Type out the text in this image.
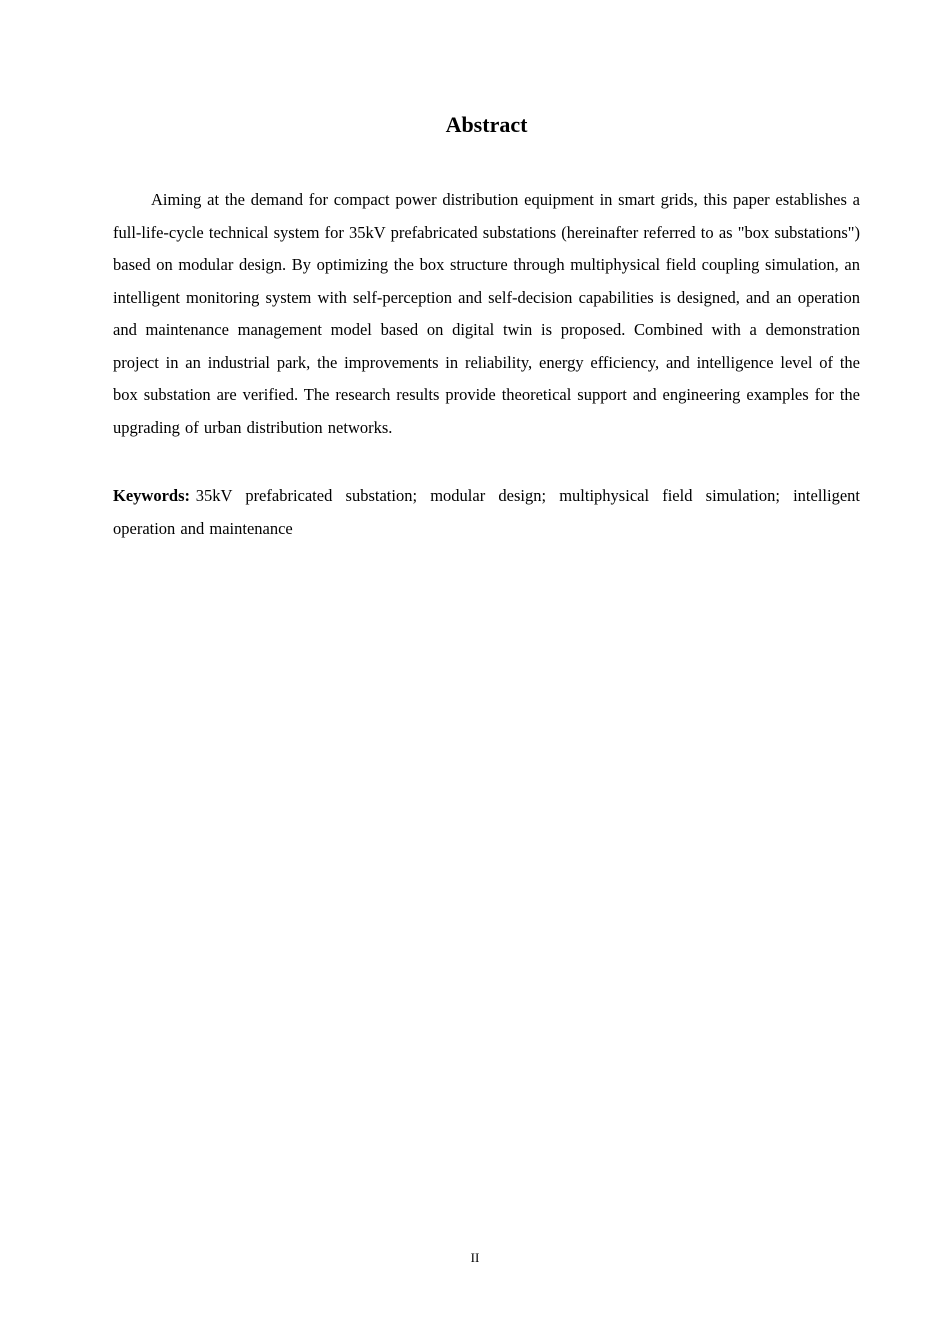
Abstract

Aiming at the demand for compact power distribution equipment in smart grids, this paper establishes a full-life-cycle technical system for 35kV prefabricated substations (hereinafter referred to as "box substations") based on modular design. By optimizing the box structure through multiphysical field coupling simulation, an intelligent monitoring system with self-perception and self-decision capabilities is designed, and an operation and maintenance management model based on digital twin is proposed. Combined with a demonstration project in an industrial park, the improvements in reliability, energy efficiency, and intelligence level of the box substation are verified. The research results provide theoretical support and engineering examples for the upgrading of urban distribution networks.

Keywords: 35kV prefabricated substation; modular design; multiphysical field simulation; intelligent operation and maintenance

II
